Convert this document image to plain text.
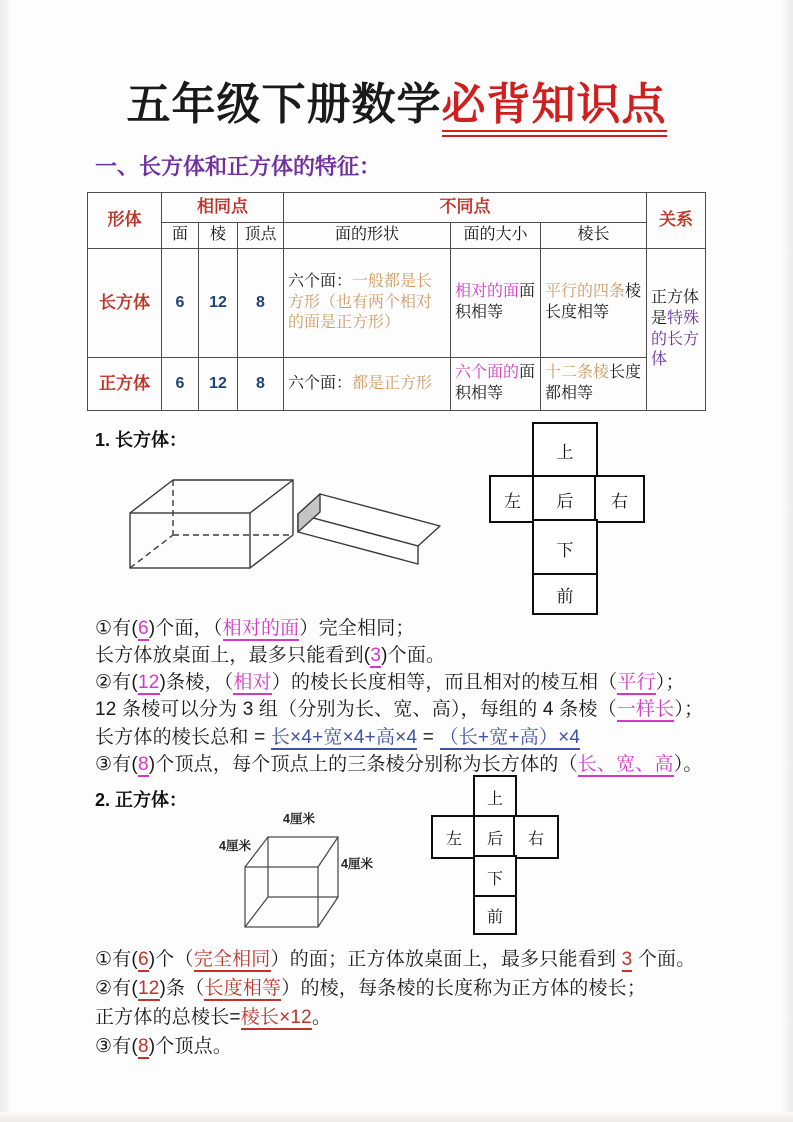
五年级下册数学必背知识点
一、长方体和正方体的特征：
形体	相同点			不同点			关系
	面	棱	顶点	面的形状	面的大小	棱长	
长方体	6	12	8	六个面：一般都是长方形（也有两个相对的面是正方形）	相对的面面积相等	平行的四条棱长度相等	正方体是特殊的长方体
正方体	6	12	8	六个面：都是正方形	六个面的面积相等	十二条棱长度都相等	
1. 长方体：
上
左	后	右
下
前
①有(6)个面，（相对的面）完全相同；
长方体放桌面上，最多只能看到(3)个面。
②有(12)条棱，（相对）的棱长长度相等，而且相对的棱互相（平行）；
12 条棱可以分为 3 组（分别为长、宽、高），每组的 4 条棱（一样长）；
长方体的棱长总和 = 长×4+宽×4+高×4 = （长+宽+高）×4
③有(8)个顶点，每个顶点上的三条棱分别称为长方体的（长、宽、高）。
2. 正方体：
4厘米
4厘米
4厘米
上
左	后	右
下
前
①有(6)个（完全相同）的面；正方体放桌面上，最多只能看到 3 个面。
②有(12)条（长度相等）的棱，每条棱的长度称为正方体的棱长；
正方体的总棱长=棱长×12。
③有(8)个顶点。
